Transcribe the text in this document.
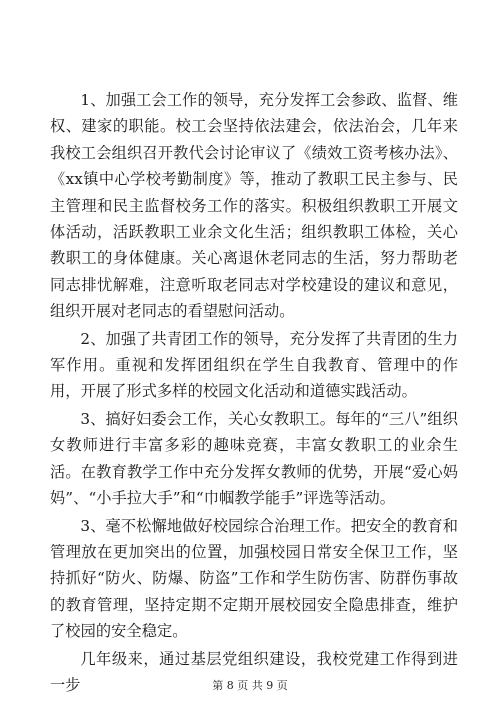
1、加强工会工作的领导，充分发挥工会参政、监督、维权、建家的职能。校工会坚持依法建会，依法治会，几年来我校工会组织召开教代会讨论审议了《绩效工资考核办法》、《xx镇中心学校考勤制度》等，推动了教职工民主参与、民主管理和民主监督校务工作的落实。积极组织教职工开展文体活动，活跃教职工业余文化生活；组织教职工体检，关心教职工的身体健康。关心离退休老同志的生活，努力帮助老同志排忧解难，注意听取老同志对学校建设的建议和意见，组织开展对老同志的看望慰问活动。

2、加强了共青团工作的领导，充分发挥了共青团的生力军作用。重视和发挥团组织在学生自我教育、管理中的作用，开展了形式多样的校园文化活动和道德实践活动。

3、搞好妇委会工作，关心女教职工。每年的“三八”组织女教师进行丰富多彩的趣味竞赛，丰富女教职工的业余生活。在教育教学工作中充分发挥女教师的优势，开展“爱心妈妈”、“小手拉大手”和“巾帼教学能手”评选等活动。

3、毫不松懈地做好校园综合治理工作。把安全的教育和管理放在更加突出的位置，加强校园日常安全保卫工作，坚持抓好“防火、防爆、防盗”工作和学生防伤害、防群伤事故的教育管理，坚持定期不定期开展校园安全隐患排查，维护了校园的安全稳定。

几年级来，通过基层党组织建设，我校党建工作得到进一步	第 8 页 共 9 页
